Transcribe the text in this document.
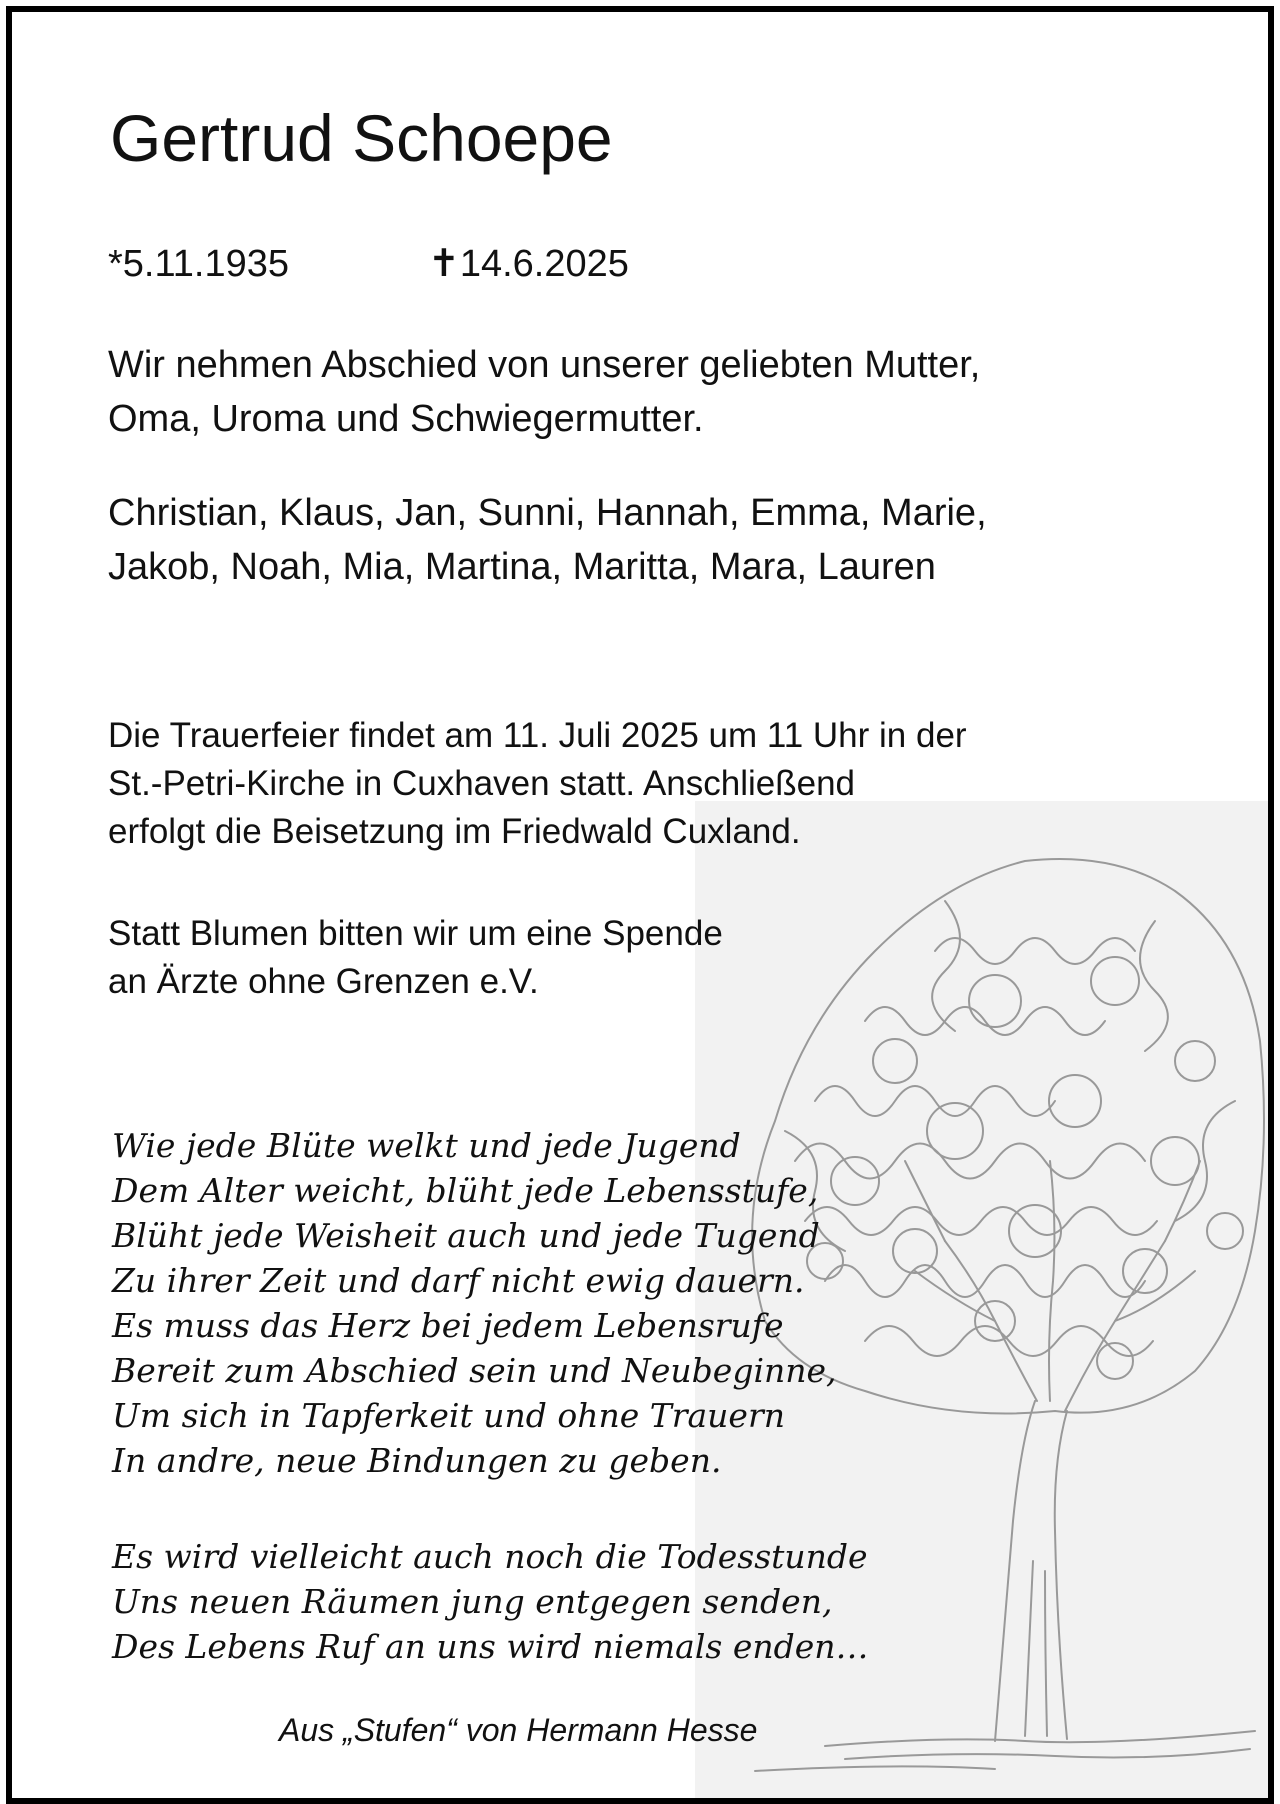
Gertrud Schoepe
*5.11.1935	✝14.6.2025

Wir nehmen Abschied von unserer geliebten Mutter,
Oma, Uroma und Schwiegermutter.

Christian, Klaus, Jan, Sunni, Hannah, Emma, Marie,
Jakob, Noah, Mia, Martina, Maritta, Mara, Lauren

Die Trauerfeier findet am 11. Juli 2025 um 11 Uhr in der
St.-Petri-Kirche in Cuxhaven statt. Anschließend
erfolgt die Beisetzung im Friedwald Cuxland.

Statt Blumen bitten wir um eine Spende
an Ärzte ohne Grenzen e.V.

Wie jede Blüte welkt und jede Jugend
Dem Alter weicht, blüht jede Lebensstufe,
Blüht jede Weisheit auch und jede Tugend
Zu ihrer Zeit und darf nicht ewig dauern.
Es muss das Herz bei jedem Lebensrufe
Bereit zum Abschied sein und Neubeginne,
Um sich in Tapferkeit und ohne Trauern
In andre, neue Bindungen zu geben.

Es wird vielleicht auch noch die Todesstunde
Uns neuen Räumen jung entgegen senden,
Des Lebens Ruf an uns wird niemals enden…

Aus „Stufen“ von Hermann Hesse
